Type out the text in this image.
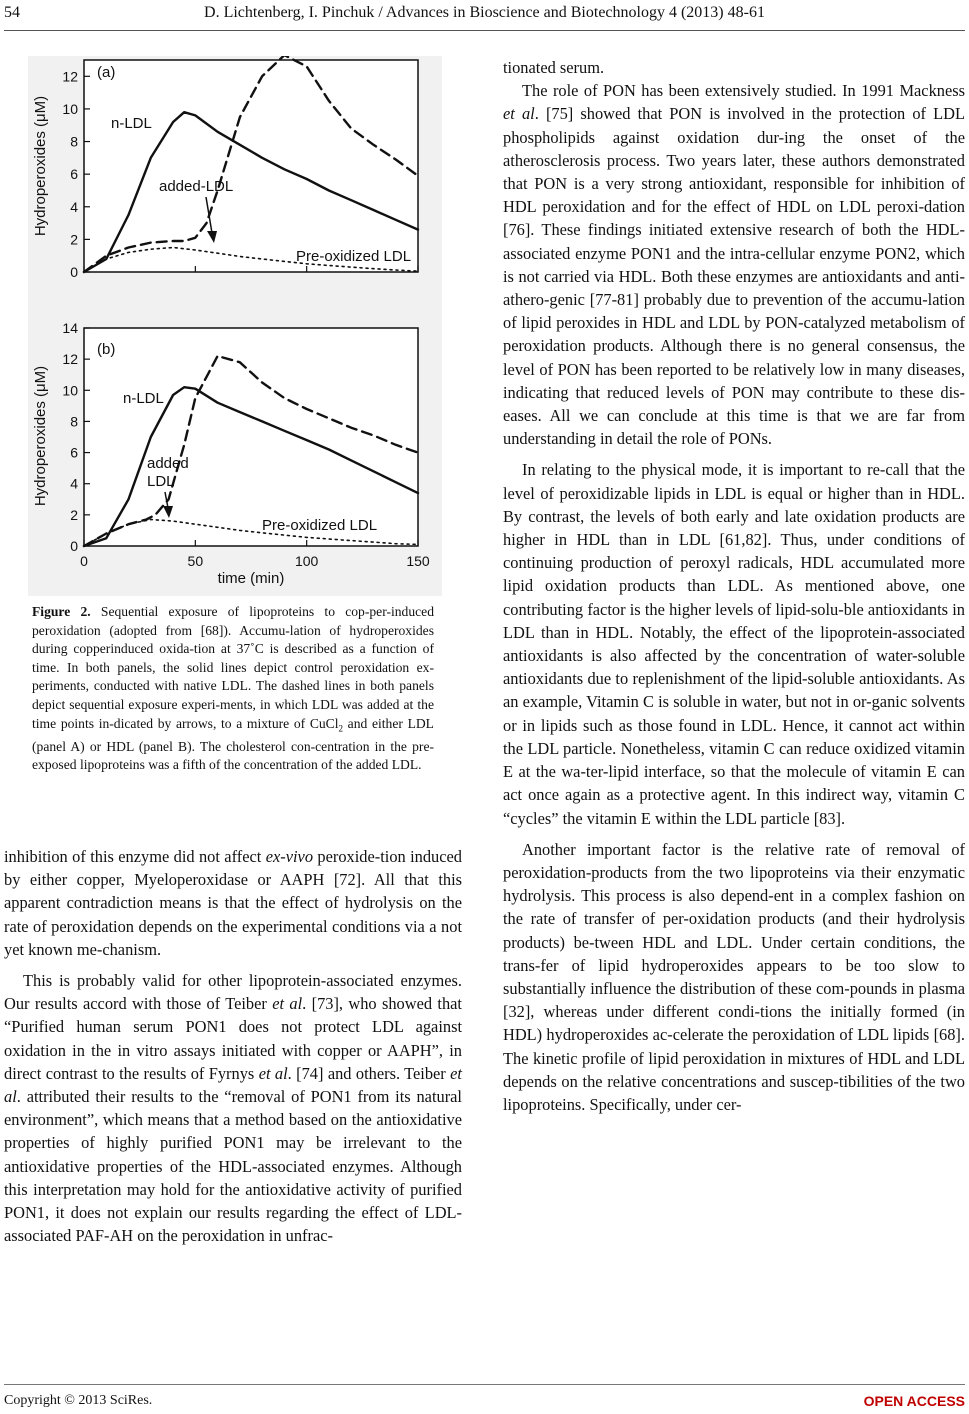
54	D. Lichtenberg, I. Pinchuk / Advances in Bioscience and Biotechnology 4 (2013) 48-61
0
2
4
6
8
10
12
Hydroperoxides (μM)
(a)
n-LDL
added-LDL
Pre-oxidized LDL
0
2
4
6
8
10
12
14
0	50	100	150
Hydroperoxides (μM)
(b)
n-LDL
added
LDL
Pre-oxidized LDL
time (min)
Figure 2. Sequential exposure of lipoproteins to cop-per-induced peroxidation (adopted from [68]). Accumu-lation of hydroperoxides during copperinduced oxida-tion at 37˚C is described as a function of time. In both panels, the solid lines depict control peroxidation ex-periments, conducted with native LDL. The dashed lines in both panels depict sequential exposure experi-ments, in which LDL was added at the time points in-dicated by arrows, to a mixture of CuCl$_2$ and either LDL (panel A) or HDL (panel B). The cholesterol con-centration in the pre-exposed lipoproteins was a fifth of the concentration of the added LDL.

inhibition of this enzyme did not affect ex-vivo peroxide-tion induced by either copper, Myeloperoxidase or AAPH [72]. All that this apparent contradiction means is that the effect of hydrolysis on the rate of peroxidation depends on the experimental conditions via a not yet known me-chanism.

This is probably valid for other lipoprotein-associated enzymes. Our results accord with those of Teiber et al. [73], who showed that “Purified human serum PON1 does not protect LDL against oxidation in the in vitro assays initiated with copper or AAPH”, in direct contrast to the results of Fyrnys et al. [74] and others. Teiber et al. attributed their results to the “removal of PON1 from its natural environment”, which means that a method based on the antioxidative properties of highly purified PON1 may be irrelevant to the antioxidative properties of the HDL-associated enzymes. Although this interpretation may hold for the antioxidative activity of purified PON1, it does not explain our results regarding the effect of LDL-associated PAF-AH on the peroxidation in unfrac-

tionated serum.

The role of PON has been extensively studied. In 1991 Mackness et al. [75] showed that PON is involved in the protection of LDL phospholipids against oxidation dur-ing the onset of the atherosclerosis process. Two years later, these authors demonstrated that PON is a very strong antioxidant, responsible for inhibition of HDL peroxidation and for the effect of HDL on LDL peroxi-dation [76]. These findings initiated extensive research of both the HDL-associated enzyme PON1 and the intra-cellular enzyme PON2, which is not carried via HDL. Both these enzymes are antioxidants and anti-athero-genic [77-81] probably due to prevention of the accumu-lation of lipid peroxides in HDL and LDL by PON-catalyzed metabolism of peroxidation products. Although there is no general consensus, the level of PON has been reported to be relatively low in many diseases, indicating that reduced levels of PON may contribute to these dis-eases. All we can conclude at this time is that we are far from understanding in detail the role of PONs.

In relating to the physical mode, it is important to re-call that the level of peroxidizable lipids in LDL is equal or higher than in HDL. By contrast, the levels of both early and late oxidation products are higher in HDL than in LDL [61,82]. Thus, under conditions of continuing production of peroxyl radicals, HDL accumulated more lipid oxidation products than LDL. As mentioned above, one contributing factor is the higher levels of lipid-solu-ble antioxidants in LDL than in HDL. Notably, the effect of the lipoprotein-associated antioxidants is also affected by the concentration of water-soluble antioxidants due to replenishment of the lipid-soluble antioxidants. As an example, Vitamin C is soluble in water, but not in or-ganic solvents or in lipids such as those found in LDL. Hence, it cannot act within the LDL particle. Nonetheless, vitamin C can reduce oxidized vitamin E at the wa-ter-lipid interface, so that the molecule of vitamin E can act once again as a protective agent. In this indirect way, vitamin C “cycles” the vitamin E within the LDL particle [83].

Another important factor is the relative rate of removal of peroxidation-products from the two lipoproteins via their enzymatic hydrolysis. This process is also depend-ent in a complex fashion on the rate of transfer of per-oxidation products (and their hydrolysis products) be-tween HDL and LDL. Under certain conditions, the trans-fer of lipid hydroperoxides appears to be too slow to substantially influence the distribution of these com-pounds in plasma [32], whereas under different condi-tions the initially formed (in HDL) hydroperoxides ac-celerate the peroxidation of LDL lipids [68]. The kinetic profile of lipid peroxidation in mixtures of HDL and LDL depends on the relative concentrations and suscep-tibilities of the two lipoproteins. Specifically, under cer-

Copyright © 2013 SciRes.	OPEN ACCESS
